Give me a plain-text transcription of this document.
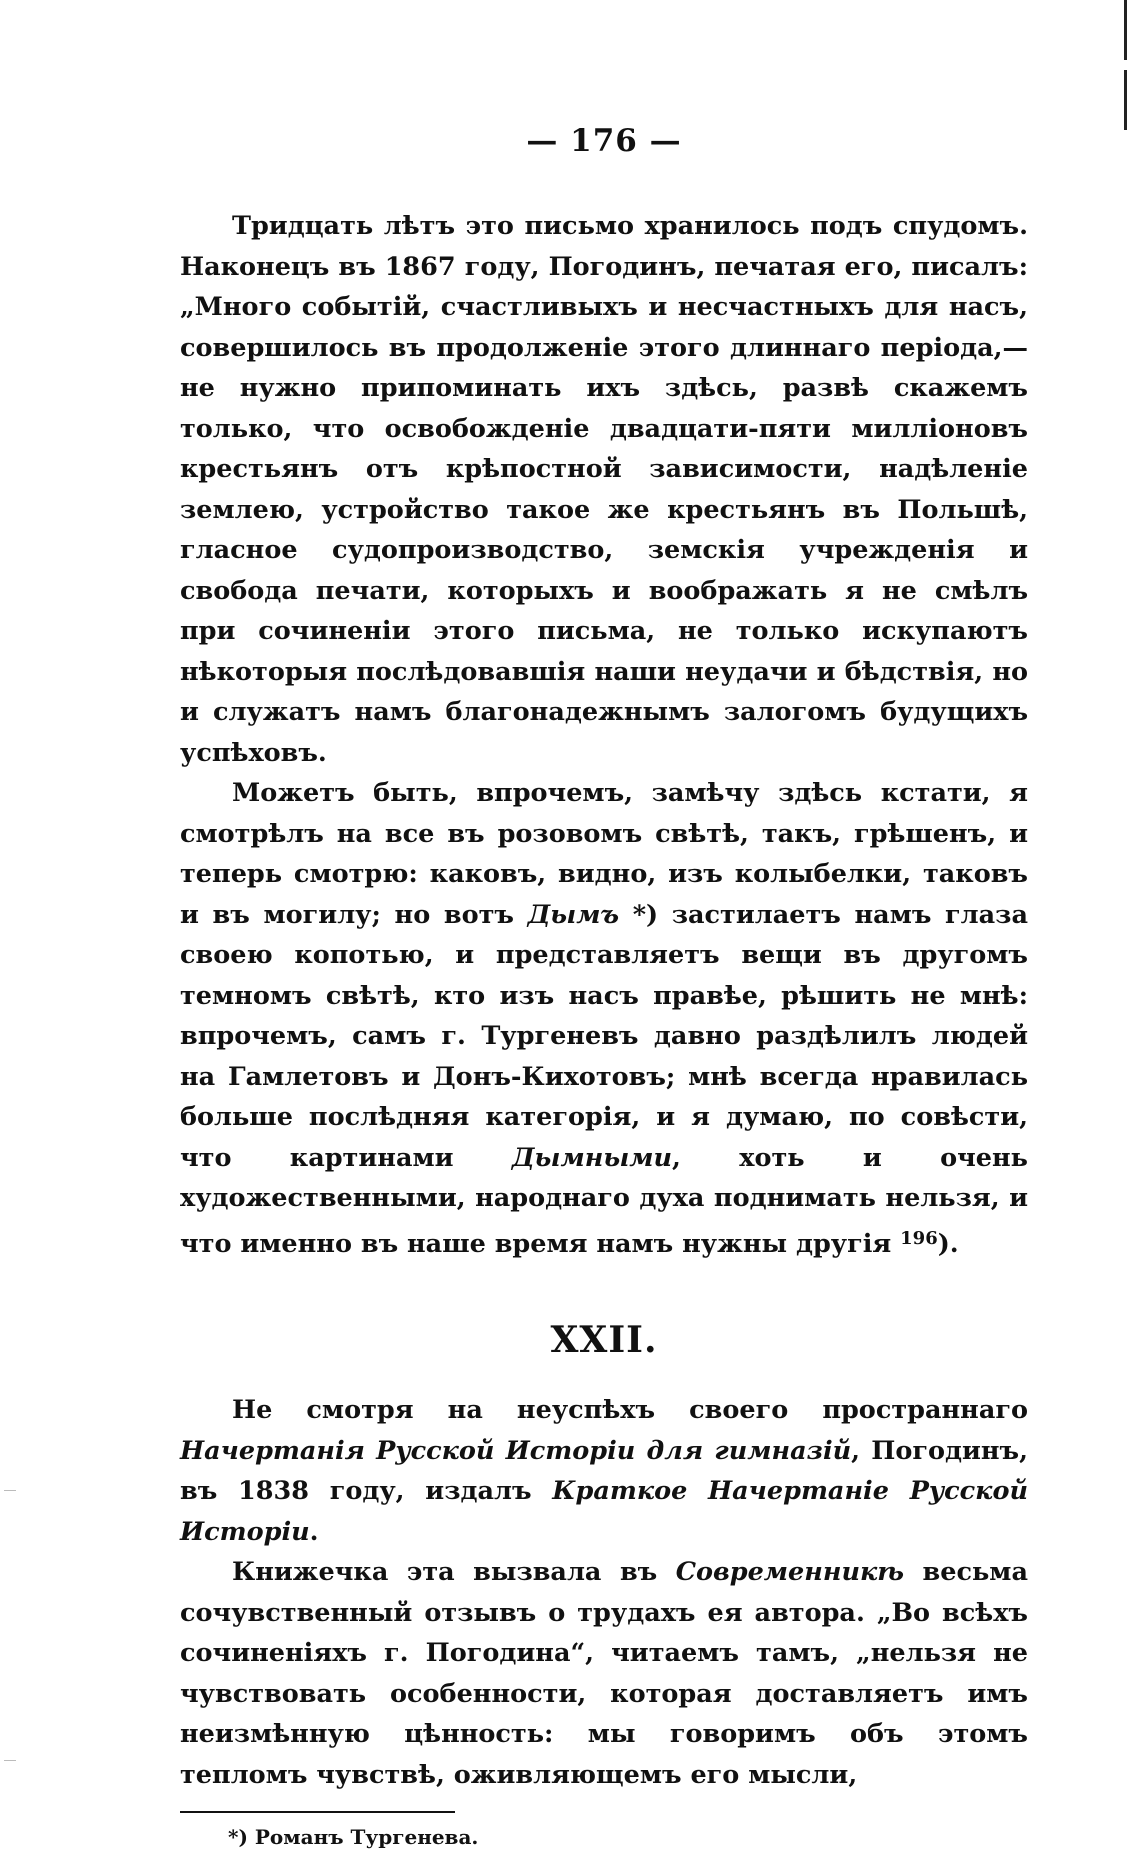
— 176 —

Тридцать лѣтъ это письмо хранилось подъ спудомъ. Наконецъ въ 1867 году, Погодинъ, печатая его, писалъ: „Много событій, счастливыхъ и несчастныхъ для насъ, совершилось въ продолженіе этого длиннаго періода,—не нужно припоминать ихъ здѣсь, развѣ скажемъ только, что освобожденіе двадцати-пяти милліоновъ крестьянъ отъ крѣпостной зависимости, надѣленіе землею, устройство такое же крестьянъ въ Польшѣ, гласное судопроизводство, земскія учрежденія и свобода печати, которыхъ и воображать я не смѣлъ при сочиненіи этого письма, не только искупаютъ нѣкоторыя послѣдовавшія наши неудачи и бѣдствія, но и служатъ намъ благонадежнымъ залогомъ будущихъ успѣховъ.

Можетъ быть, впрочемъ, замѣчу здѣсь кстати, я смотрѣлъ на все въ розовомъ свѣтѣ, такъ, грѣшенъ, и теперь смотрю: каковъ, видно, изъ колыбелки, таковъ и въ могилу; но вотъ Дымъ *) застилаетъ намъ глаза своею копотью, и представляетъ вещи въ другомъ темномъ свѣтѣ, кто изъ насъ правѣе, рѣшить не мнѣ: впрочемъ, самъ г. Тургеневъ давно раздѣлилъ людей на Гамлетовъ и Донъ-Кихотовъ; мнѣ всегда нравилась больше послѣдняя категорія, и я думаю, по совѣсти, что картинами Дымными, хоть и очень художественными, народнаго духа поднимать нельзя, и что именно въ наше время намъ нужны другія $^{196}$).

XXII.

Не смотря на неуспѣхъ своего пространнаго Начертанія Русской Исторіи для гимназій, Погодинъ, въ 1838 году, издалъ Краткое Начертаніе Русской Исторіи.

Книжечка эта вызвала въ Современникѣ весьма сочувственный отзывъ о трудахъ ея автора. „Во всѣхъ сочиненіяхъ г. Погодина“, читаемъ тамъ, „нельзя не чувствовать особенности, которая доставляетъ имъ неизмѣнную цѣнность: мы говоримъ объ этомъ тепломъ чувствѣ, оживляющемъ его мысли,

*) Романъ Тургенева.
